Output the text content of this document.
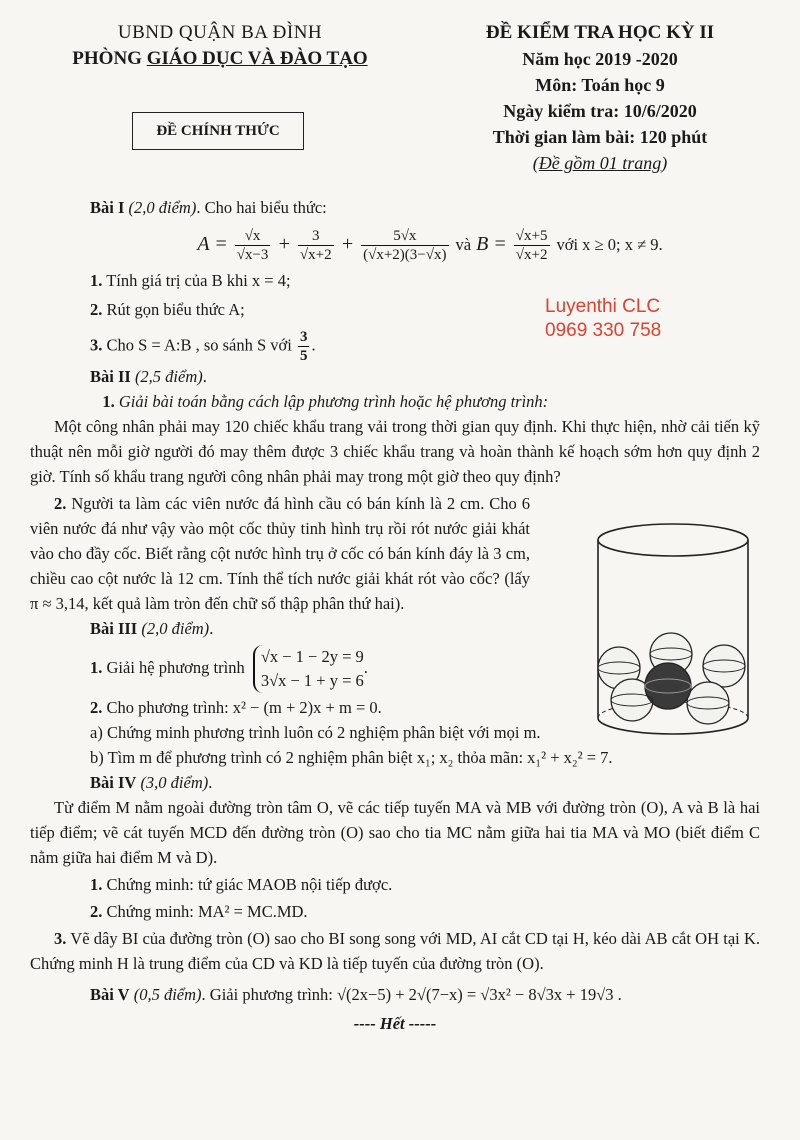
UBND QUẬN BA ĐÌNH
PHÒNG GIÁO DỤC VÀ ĐÀO TẠO
ĐỀ CHÍNH THỨC
ĐỀ KIỂM TRA HỌC KỲ II
Năm học 2019 -2020
Môn: Toán học 9
Ngày kiểm tra: 10/6/2020
Thời gian làm bài: 120 phút
(Đề gồm 01 trang)
Luyenthi CLC
0969 330 758
Bài I (2,0 điểm). Cho hai biểu thức:
$A = \frac{√x}{√x-3} + \frac{3}{√x+2} + \frac{5√x}{(√x+2)(3-√x)}$ và $B = \frac{√x+5}{√x+2}$ với x ≥ 0; x ≠ 9.
1. Tính giá trị của B khi x = 4;
2. Rút gọn biểu thức A;
3. Cho S = A:B , so sánh S với $\frac{3}{5}$ .
Bài II (2,5 điểm).
1. Giải bài toán bằng cách lập phương trình hoặc hệ phương trình:
Một công nhân phải may 120 chiếc khẩu trang vải trong thời gian quy định. Khi thực hiện, nhờ cải tiến kỹ thuật nên mỗi giờ người đó may thêm được 3 chiếc khẩu trang và hoàn thành kế hoạch sớm hơn quy định 2 giờ. Tính số khẩu trang người công nhân phải may trong một giờ theo quy định?
2. Người ta làm các viên nước đá hình cầu có bán kính là 2 cm. Cho 6 viên nước đá như vậy vào một cốc thủy tinh hình trụ rồi rót nước giải khát vào cho đầy cốc. Biết rằng cột nước hình trụ ở cốc có bán kính đáy là 3 cm, chiều cao cột nước là 12 cm. Tính thể tích nước giải khát rót vào cốc? (lấy π ≈ 3,14, kết quả làm tròn đến chữ số thập phân thứ hai).
Bài III (2,0 điểm).
1. Giải hệ phương trình
√x − 1 − 2y = 9
3√x − 1 + y = 6
.
2. Cho phương trình: x² − (m + 2)x + m = 0.
a) Chứng minh phương trình luôn có 2 nghiệm phân biệt với mọi m.
b) Tìm m để phương trình có 2 nghiệm phân biệt x₁; x₂ thỏa mãn: x₁² + x₂² = 7.
Bài IV (3,0 điểm).
Từ điểm M nằm ngoài đường tròn tâm O, vẽ các tiếp tuyến MA và MB với đường tròn (O), A và B là hai tiếp điểm; vẽ cát tuyến MCD đến đường tròn (O) sao cho tia MC nằm giữa hai tia MA và MO (biết điểm C nằm giữa hai điểm M và D).
1. Chứng minh: tứ giác MAOB nội tiếp được.
2. Chứng minh: MA² = MC.MD.
3. Vẽ dây BI của đường tròn (O) sao cho BI song song với MD, AI cắt CD tại H, kéo dài AB cắt OH tại K. Chứng minh H là trung điểm của CD và KD là tiếp tuyến của đường tròn (O).
Bài V (0,5 điểm). Giải phương trình: √(2x−5) + 2√(7−x) = √3x² − 8√3x + 19√3 .
---- Hết -----
